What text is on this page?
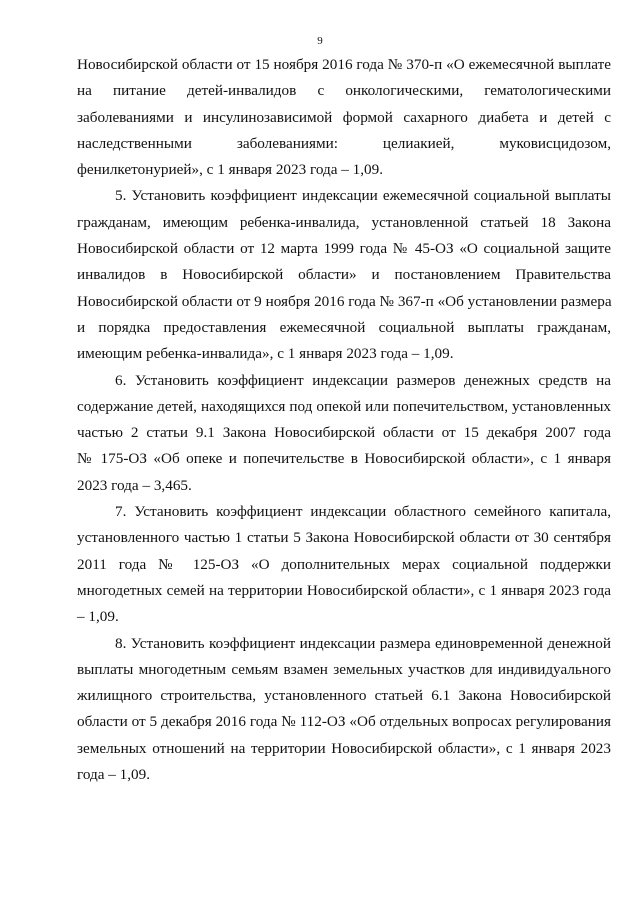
9
Новосибирской области от 15 ноября 2016 года № 370-п «О ежемесячной выплате
на питание детей-инвалидов с онкологическими, гематологическими
заболеваниями и инсулинозависимой формой сахарного диабета и детей с
наследственными заболеваниями: целиакией, муковисцидозом,
фенилкетонурией», с 1 января 2023 года – 1,09.
5. Установить коэффициент индексации ежемесячной социальной выплаты
гражданам, имеющим ребенка-инвалида, установленной статьей 18 Закона
Новосибирской области от 12 марта 1999 года № 45-ОЗ «О социальной защите
инвалидов в Новосибирской области» и постановлением Правительства
Новосибирской области от 9 ноября 2016 года № 367-п «Об установлении размера
и порядка предоставления ежемесячной социальной выплаты гражданам,
имеющим ребенка-инвалида», с 1 января 2023 года – 1,09.
6. Установить коэффициент индексации размеров денежных средств на
содержание детей, находящихся под опекой или попечительством, установленных
частью 2 статьи 9.1 Закона Новосибирской области от 15 декабря 2007 года
№ 175-ОЗ «Об опеке и попечительстве в Новосибирской области», с 1 января
2023 года – 3,465.
7. Установить коэффициент индексации областного семейного капитала,
установленного частью 1 статьи 5 Закона Новосибирской области от 30 сентября
2011 года № 125-ОЗ «О дополнительных мерах социальной поддержки
многодетных семей на территории Новосибирской области», с 1 января 2023 года
– 1,09.
8. Установить коэффициент индексации размера единовременной денежной
выплаты многодетным семьям взамен земельных участков для индивидуального
жилищного строительства, установленного статьей 6.1 Закона Новосибирской
области от 5 декабря 2016 года № 112-ОЗ «Об отдельных вопросах регулирования
земельных отношений на территории Новосибирской области», с 1 января 2023
года – 1,09.
